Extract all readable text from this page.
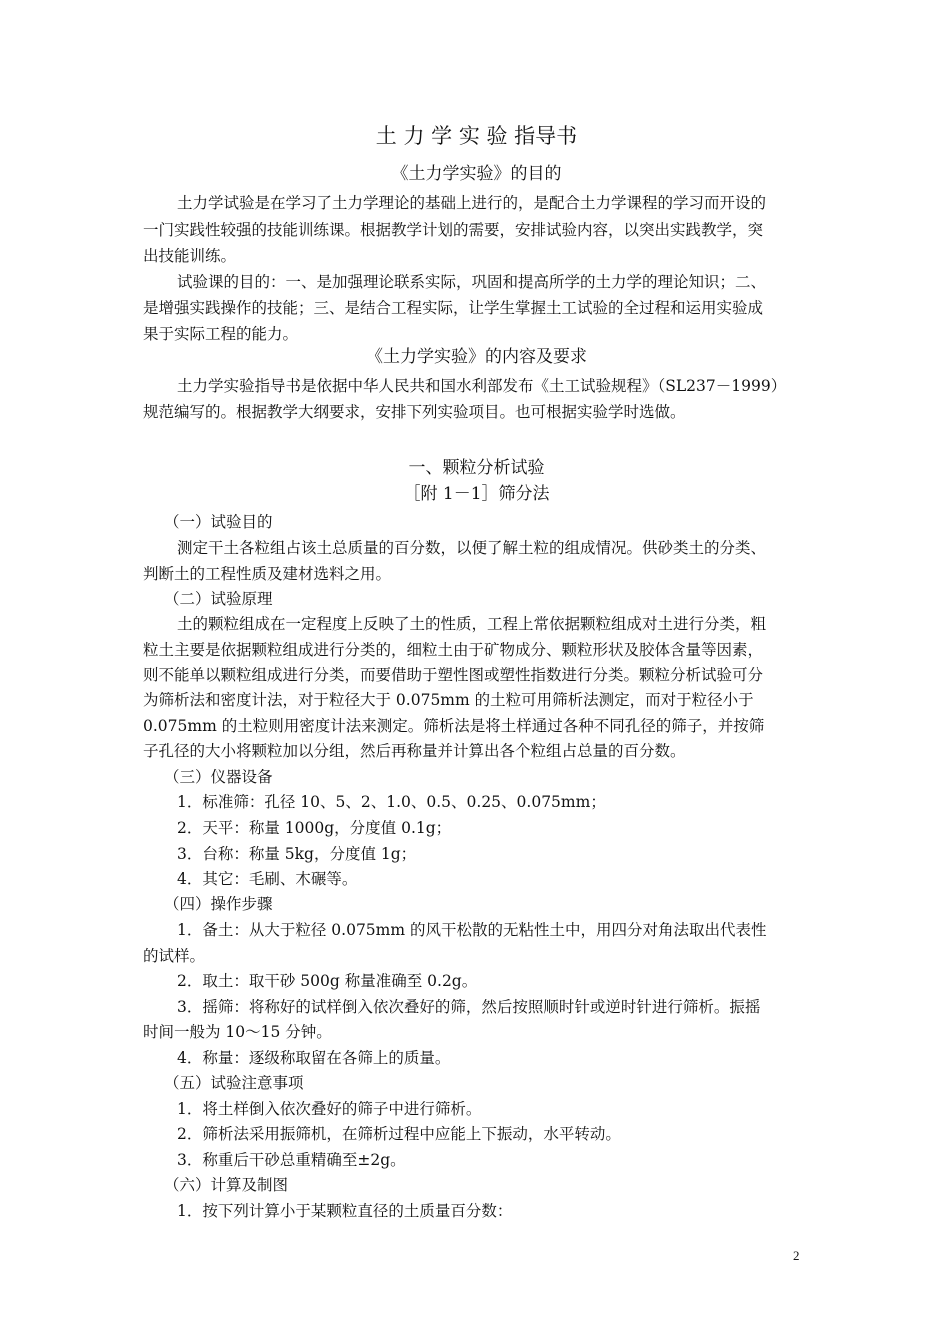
土 力 学 实 验 指导书
《土力学实验》的目的
土力学试验是在学习了土力学理论的基础上进行的，是配合土力学课程的学习而开设的
一门实践性较强的技能训练课。根据教学计划的需要，安排试验内容，以突出实践教学，突
出技能训练。
试验课的目的：一、是加强理论联系实际，巩固和提高所学的土力学的理论知识；二、
是增强实践操作的技能；三、是结合工程实际，让学生掌握土工试验的全过程和运用实验成
果于实际工程的能力。
《土力学实验》的内容及要求
土力学实验指导书是依据中华人民共和国水利部发布《土工试验规程》（SL237－1999）
规范编写的。根据教学大纲要求，安排下列实验项目。也可根据实验学时选做。
一、颗粒分析试验
［附 1－1］筛分法
（一）试验目的
测定干土各粒组占该土总质量的百分数，以便了解土粒的组成情况。供砂类土的分类、
判断土的工程性质及建材选料之用。
（二）试验原理
土的颗粒组成在一定程度上反映了土的性质，工程上常依据颗粒组成对土进行分类，粗
粒土主要是依据颗粒组成进行分类的，细粒土由于矿物成分、颗粒形状及胶体含量等因素，
则不能单以颗粒组成进行分类，而要借助于塑性图或塑性指数进行分类。颗粒分析试验可分
为筛析法和密度计法，对于粒径大于 0.075mm 的土粒可用筛析法测定，而对于粒径小于
0.075mm 的土粒则用密度计法来测定。筛析法是将土样通过各种不同孔径的筛子，并按筛
子孔径的大小将颗粒加以分组，然后再称量并计算出各个粒组占总量的百分数。
（三）仪器设备
1．标准筛：孔径 10、5、2、1.0、0.5、0.25、0.075mm；
2．天平：称量 1000g，分度值 0.1g；
3．台称：称量 5kg，分度值 1g；
4．其它：毛刷、木碾等。
（四）操作步骤
1．备土：从大于粒径 0.075mm 的风干松散的无粘性土中，用四分对角法取出代表性
的试样。
2．取土：取干砂 500g 称量准确至 0.2g。
3．摇筛：将称好的试样倒入依次叠好的筛，然后按照顺时针或逆时针进行筛析。振摇
时间一般为 10～15 分钟。
4．称量：逐级称取留在各筛上的质量。
（五）试验注意事项
1．将土样倒入依次叠好的筛子中进行筛析。
2．筛析法采用振筛机，在筛析过程中应能上下振动，水平转动。
3．称重后干砂总重精确至±2g。
（六）计算及制图
1．按下列计算小于某颗粒直径的土质量百分数：
2
